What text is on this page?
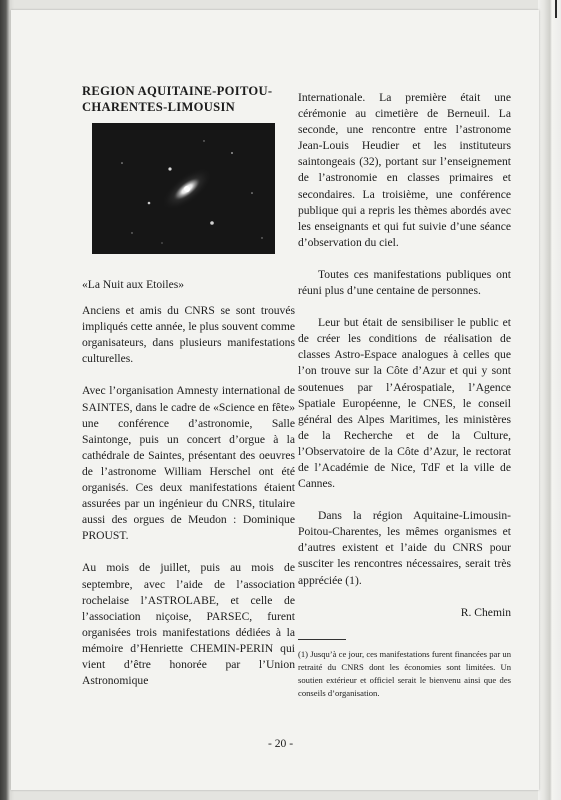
REGION AQUITAINE-POITOU-
CHARENTES-LIMOUSIN

«La Nuit aux Etoiles»

Anciens et amis du CNRS se sont trouvés impliqués cette année, le plus souvent comme organisateurs, dans plusieurs manifestations culturelles.

Avec l’organisation Amnesty international de SAINTES, dans le cadre de «Science en fête» une conférence d’astronomie, Salle Saintonge, puis un concert d’orgue à la cathédrale de Saintes, présentant des oeuvres de l’astronome William Herschel ont été organisés. Ces deux manifestations étaient assurées par un ingénieur du CNRS, titulaire aussi des orgues de Meudon : Dominique PROUST.

Au mois de juillet, puis au mois de septembre, avec l’aide de l’association rochelaise l’ASTROLABE, et celle de l’association niçoise, PARSEC, furent organisées trois manifestations dédiées à la mémoire d’Henriette CHEMIN-PERIN qui vient d’être honorée par l’Union Astronomique

Internationale. La première était une cérémonie au cimetière de Berneuil. La seconde, une rencontre entre l’astronome Jean-Louis Heudier et les instituteurs saintongeais (32), portant sur l’enseignement de l’astronomie en classes primaires et secondaires. La troisième, une conférence publique qui a repris les thèmes abordés avec les enseignants et qui fut suivie d’une séance d’observation du ciel.

Toutes ces manifestations publiques ont réuni plus d’une centaine de personnes.

Leur but était de sensibiliser le public et de créer les conditions de réalisation de classes Astro-Espace analogues à celles que l’on trouve sur la Côte d’Azur et qui y sont soutenues par l’Aérospatiale, l’Agence Spatiale Européenne, le CNES, le conseil général des Alpes Maritimes, les ministères de la Recherche et de la Culture, l’Observatoire de la Côte d’Azur, le rectorat de l’Académie de Nice, TdF et la ville de Cannes.

Dans la région Aquitaine-Limousin-Poitou-Charentes, les mêmes organismes et d’autres existent et l’aide du CNRS pour susciter les rencontres nécessaires, serait très appréciée (1).

R. Chemin

(1) Jusqu’à ce jour, ces manifestations furent financées par un retraité du CNRS dont les économies sont limitées. Un soutien extérieur et officiel serait le bienvenu ainsi que des conseils d’organisation.

- 20 -
